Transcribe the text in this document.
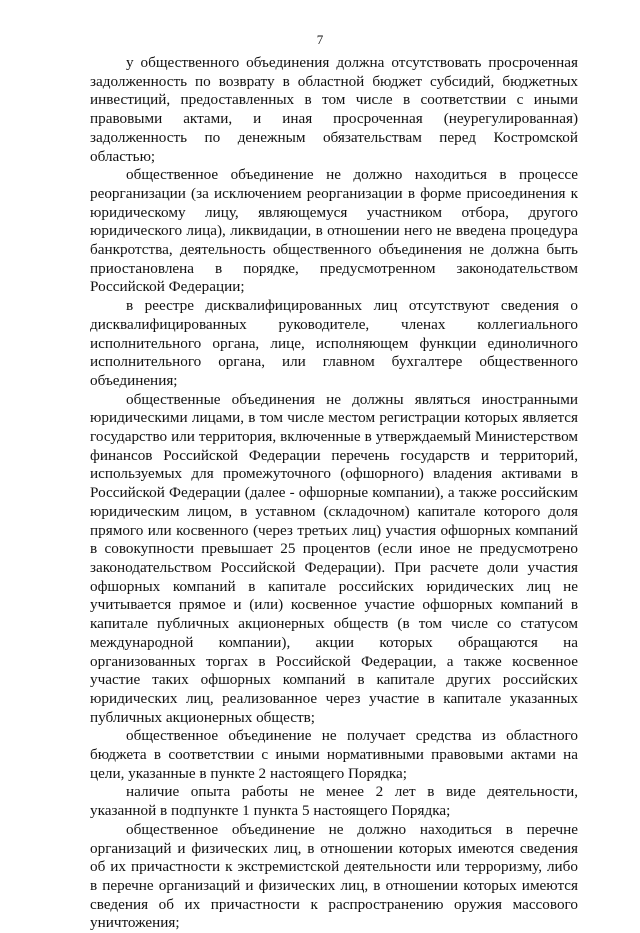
7

у общественного объединения должна отсутствовать просроченная задолженность по возврату в областной бюджет субсидий, бюджетных инвестиций, предоставленных в том числе в соответствии с иными правовыми актами, и иная просроченная (неурегулированная) задолженность по денежным обязательствам перед Костромской областью;

общественное объединение не должно находиться в процессе реорганизации (за исключением реорганизации в форме присоединения к юридическому лицу, являющемуся участником отбора, другого юридического лица), ликвидации, в отношении него не введена процедура банкротства, деятельность общественного объединения не должна быть приостановлена в порядке, предусмотренном законодательством Российской Федерации;

в реестре дисквалифицированных лиц отсутствуют сведения о дисквалифицированных руководителе, членах коллегиального исполнительного органа, лице, исполняющем функции единоличного исполнительного органа, или главном бухгалтере общественного объединения;

общественные объединения не должны являться иностранными юридическими лицами, в том числе местом регистрации которых является государство или территория, включенные в утверждаемый Министерством финансов Российской Федерации перечень государств и территорий, используемых для промежуточного (офшорного) владения активами в Российской Федерации (далее - офшорные компании), а также российским юридическим лицом, в уставном (складочном) капитале которого доля прямого или косвенного (через третьих лиц) участия офшорных компаний в совокупности превышает 25 процентов (если иное не предусмотрено законодательством Российской Федерации). При расчете доли участия офшорных компаний в капитале российских юридических лиц не учитывается прямое и (или) косвенное участие офшорных компаний в капитале публичных акционерных обществ (в том числе со статусом международной компании), акции которых обращаются на организованных торгах в Российской Федерации, а также косвенное участие таких офшорных компаний в капитале других российских юридических лиц, реализованное через участие в капитале указанных публичных акционерных обществ;

общественное объединение не получает средства из областного бюджета в соответствии с иными нормативными правовыми актами на цели, указанные в пункте 2 настоящего Порядка;

наличие опыта работы не менее 2 лет в виде деятельности, указанной в подпункте 1 пункта 5 настоящего Порядка;

общественное объединение не должно находиться в перечне организаций и физических лиц, в отношении которых имеются сведения об их причастности к экстремистской деятельности или терроризму, либо в перечне организаций и физических лиц, в отношении которых имеются сведения об их причастности к распространению оружия массового уничтожения;
